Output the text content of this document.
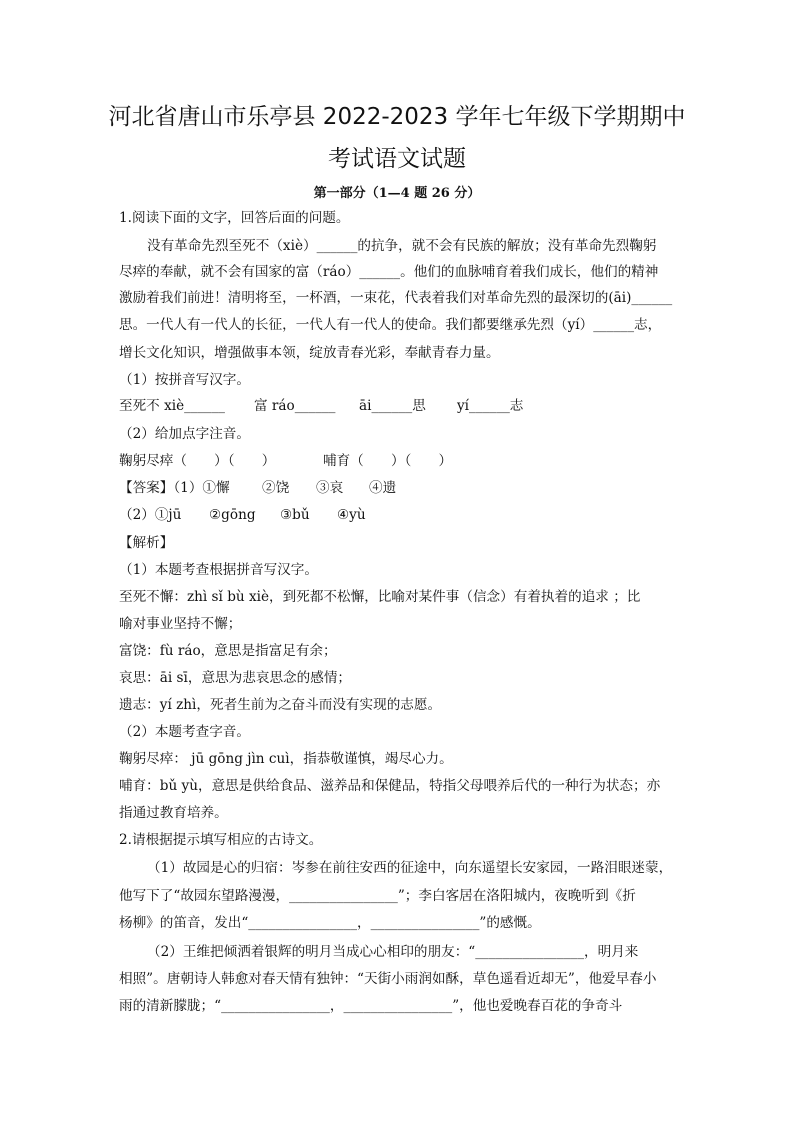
河北省唐山市乐亭县 2022-2023 学年七年级下学期期中
考试语文试题
第一部分（1—4 题 26 分）
1.阅读下面的文字，回答后面的问题。
没有革命先烈至死不（xiè）______的抗争，就不会有民族的解放；没有革命先烈鞠躬
尽瘁的奉献，就不会有国家的富（ráo）______。他们的血脉哺育着我们成长，他们的精神
激励着我们前进！清明将至，一杯酒，一束花，代表着我们对革命先烈的最深切的(āi)______
思。一代人有一代人的长征，一代人有一代人的使命。我们都要继承先烈（yí）______志，
增长文化知识，增强做事本领，绽放青春光彩，奉献青春力量。
（1）按拼音写汉字。
至死不 xiè______	富 ráo______	āi______思	yí______志
（2）给加点字注音。
鞠躬尽瘁（　　）（　　）	哺育（　　）（　　）
【答案】（1）①懈	②饶	③哀	④遗
（2）①jū	②gōng	③bǔ	④yù
【解析】
（1）本题考查根据拼音写汉字。
至死不懈：zhì sǐ bù xiè，到死都不松懈，比喻对某件事（信念）有着执着的追求 ；比
喻对事业坚持不懈；
富饶：fù ráo，意思是指富足有余；
哀思：āi sī，意思为悲哀思念的感情；
遗志：yí zhì，死者生前为之奋斗而没有实现的志愿。
（2）本题考查字音。
鞠躬尽瘁： jū gōng jìn cuì，指恭敬谨慎，竭尽心力。
哺育：bǔ yù，意思是供给食品、滋养品和保健品，特指父母喂养后代的一种行为状态；亦
指通过教育培养。
2.请根据提示填写相应的古诗文。
（1）故园是心的归宿：岑参在前往安西的征途中，向东遥望长安家园，一路泪眼迷蒙，
他写下了“故园东望路漫漫，________________”；李白客居在洛阳城内，夜晚听到《折
杨柳》的笛音，发出“________________，________________”的感慨。
（2）王维把倾洒着银辉的明月当成心心相印的朋友：“________________，明月来
相照”。唐朝诗人韩愈对春天情有独钟：“天街小雨润如酥，草色遥看近却无”，他爱早春小
雨的清新朦胧；“________________，________________”，他也爱晚春百花的争奇斗
